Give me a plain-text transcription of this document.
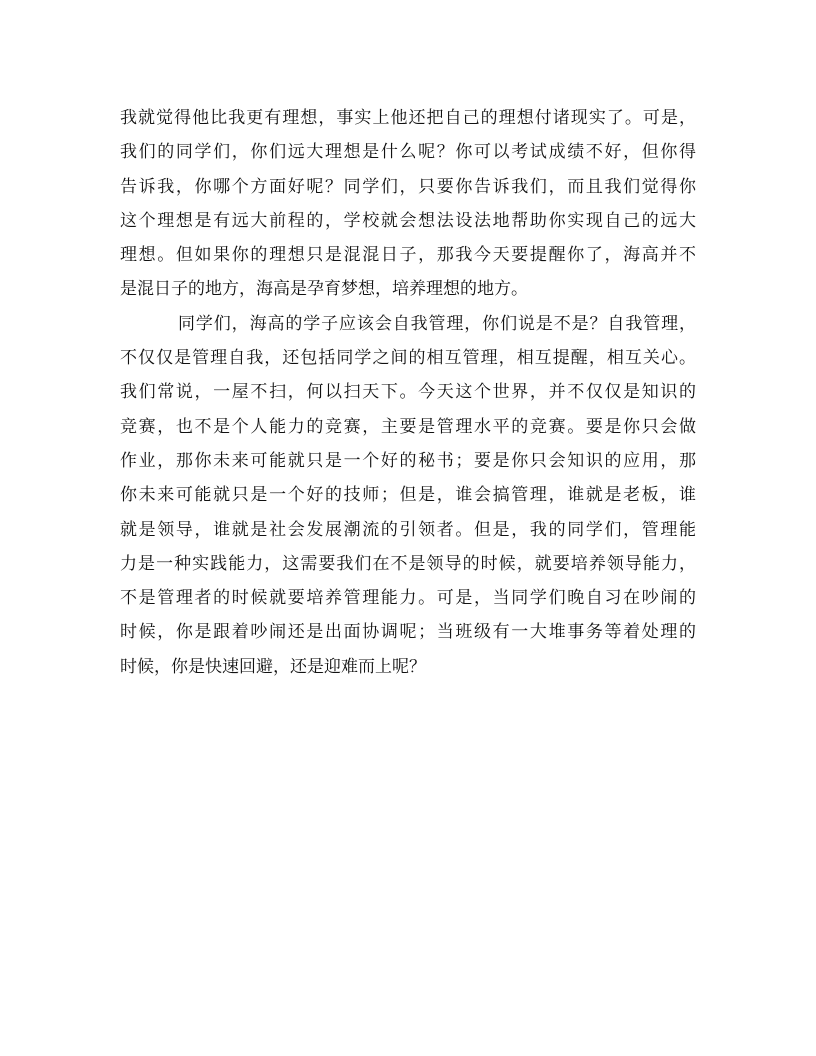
我就觉得他比我更有理想，事实上他还把自己的理想付诸现实了。可是，
我们的同学们，你们远大理想是什么呢？你可以考试成绩不好，但你得
告诉我，你哪个方面好呢？同学们，只要你告诉我们，而且我们觉得你
这个理想是有远大前程的，学校就会想法设法地帮助你实现自己的远大
理想。但如果你的理想只是混混日子，那我今天要提醒你了，海高并不
是混日子的地方，海高是孕育梦想，培养理想的地方。
同学们，海高的学子应该会自我管理，你们说是不是？自我管理，
不仅仅是管理自我，还包括同学之间的相互管理，相互提醒，相互关心。
我们常说，一屋不扫，何以扫天下。今天这个世界，并不仅仅是知识的
竞赛，也不是个人能力的竞赛，主要是管理水平的竞赛。要是你只会做
作业，那你未来可能就只是一个好的秘书；要是你只会知识的应用，那
你未来可能就只是一个好的技师；但是，谁会搞管理，谁就是老板，谁
就是领导，谁就是社会发展潮流的引领者。但是，我的同学们，管理能
力是一种实践能力，这需要我们在不是领导的时候，就要培养领导能力，
不是管理者的时候就要培养管理能力。可是，当同学们晚自习在吵闹的
时候，你是跟着吵闹还是出面协调呢；当班级有一大堆事务等着处理的
时候，你是快速回避，还是迎难而上呢？
